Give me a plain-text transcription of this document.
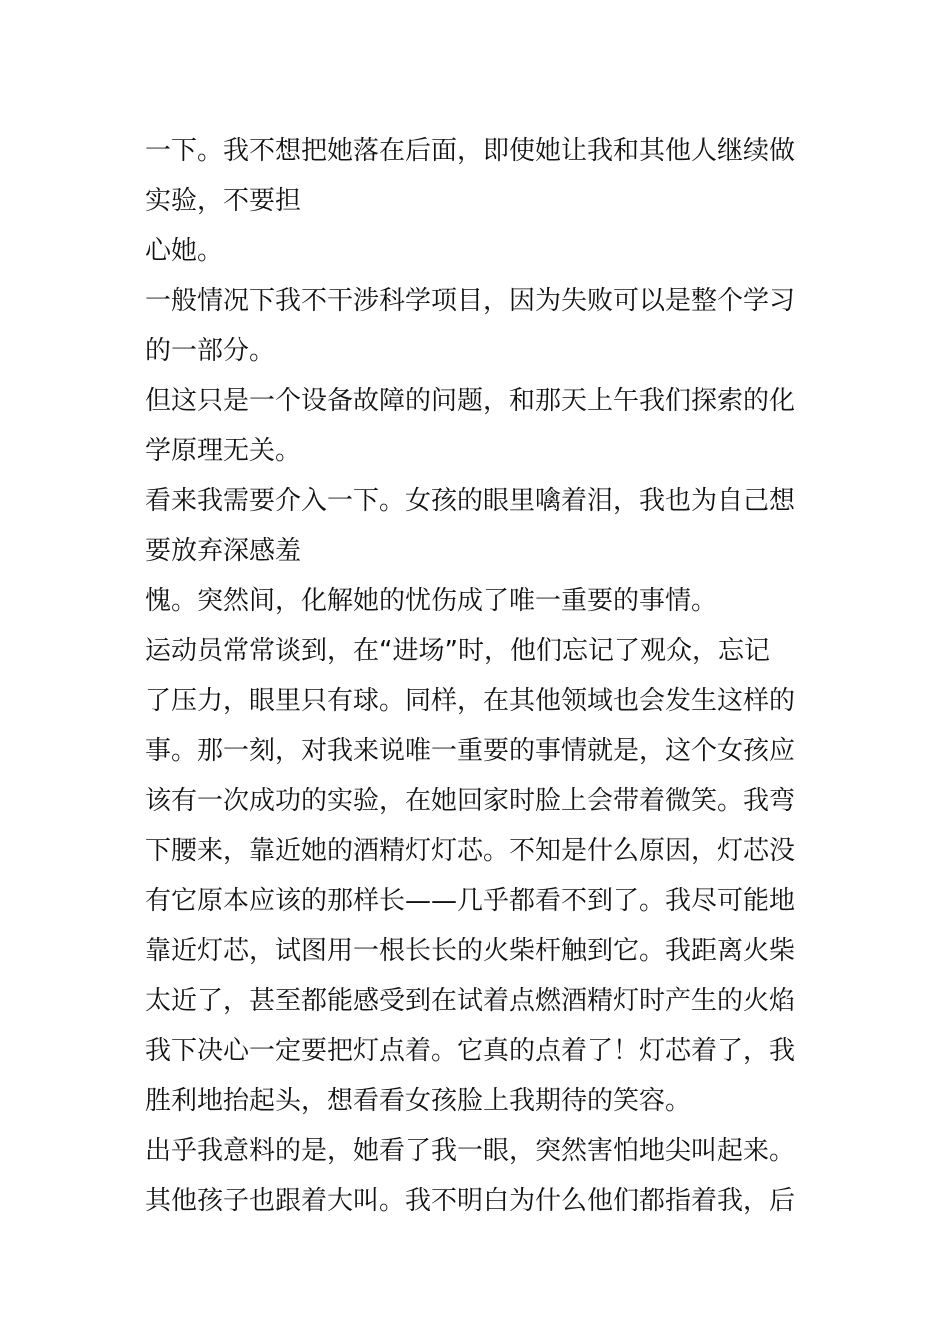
一下。我不想把她落在后面，即使她让我和其他人继续做
实验，不要担
心她。
一般情况下我不干涉科学项目，因为失败可以是整个学习
的一部分。
但这只是一个设备故障的问题，和那天上午我们探索的化
学原理无关。
看来我需要介入一下。女孩的眼里噙着泪，我也为自己想
要放弃深感羞
愧。突然间，化解她的忧伤成了唯一重要的事情。
运动员常常谈到，在“进场”时，他们忘记了观众，忘记
了压力，眼里只有球。同样，在其他领域也会发生这样的
事。那一刻，对我来说唯一重要的事情就是，这个女孩应
该有一次成功的实验，在她回家时脸上会带着微笑。我弯
下腰来，靠近她的酒精灯灯芯。不知是什么原因，灯芯没
有它原本应该的那样长——几乎都看不到了。我尽可能地
靠近灯芯，试图用一根长长的火柴杆触到它。我距离火柴
太近了，甚至都能感受到在试着点燃酒精灯时产生的火焰
我下决心一定要把灯点着。它真的点着了！灯芯着了，我
胜利地抬起头，想看看女孩脸上我期待的笑容。
出乎我意料的是，她看了我一眼，突然害怕地尖叫起来。
其他孩子也跟着大叫。我不明白为什么他们都指着我，后
